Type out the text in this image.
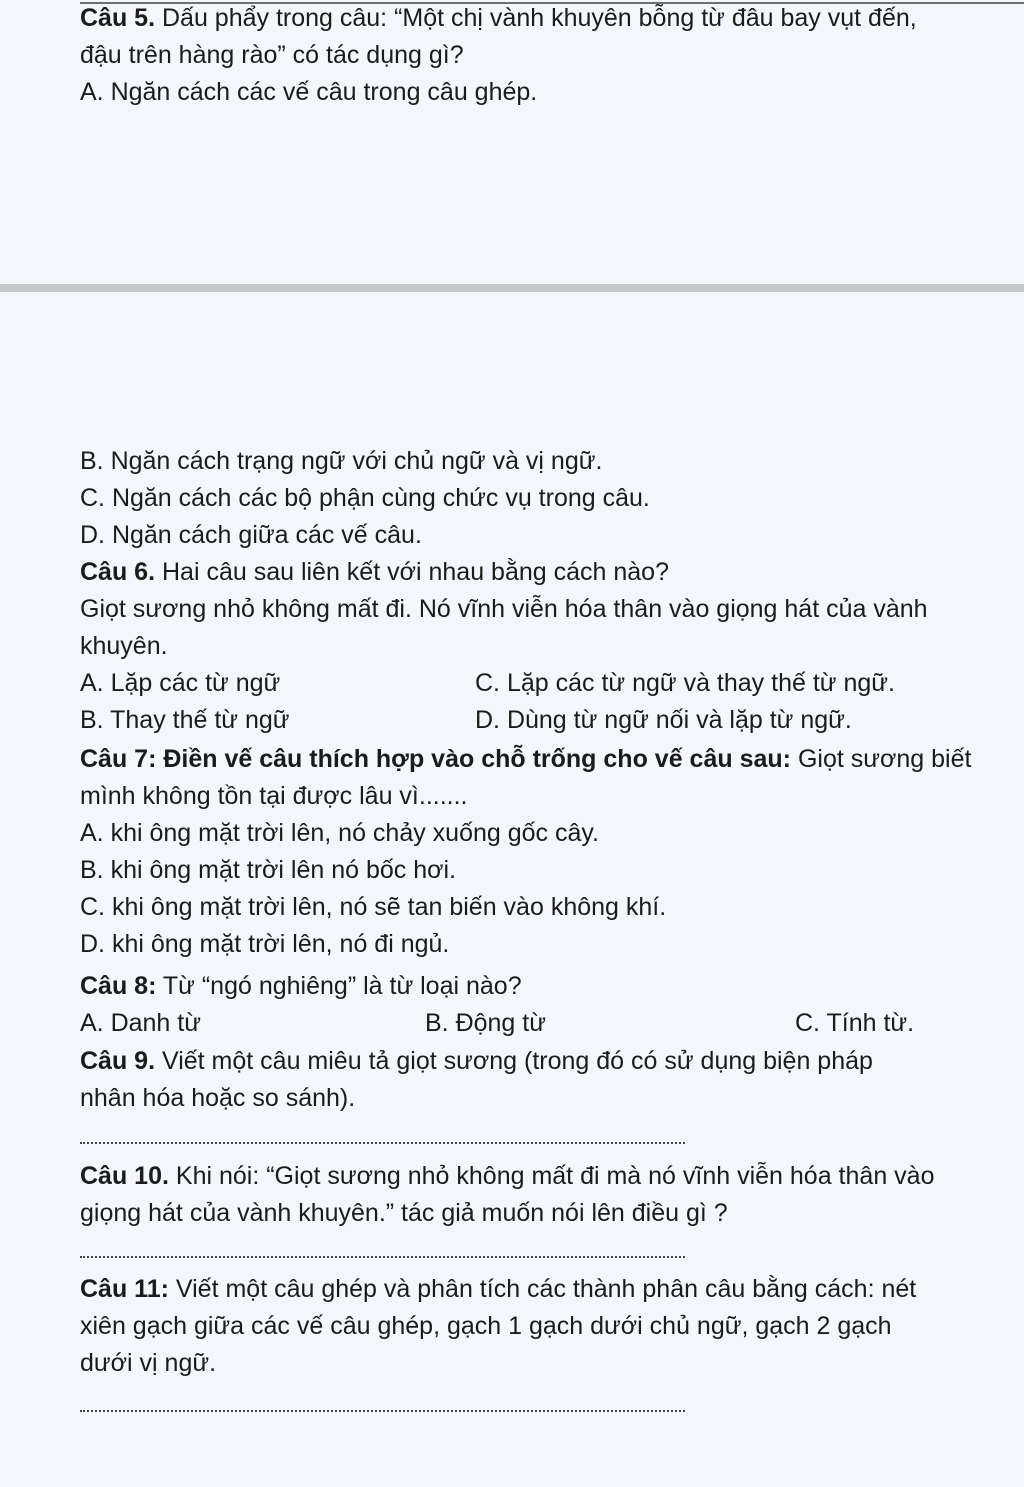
Câu 5. Dấu phẩy trong câu: “Một chị vành khuyên bỗng từ đâu bay vụt đến,
đậu trên hàng rào” có tác dụng gì?
A. Ngăn cách các vế câu trong câu ghép.
B. Ngăn cách trạng ngữ với chủ ngữ và vị ngữ.
C. Ngăn cách các bộ phận cùng chức vụ trong câu.
D. Ngăn cách giữa các vế câu.
Câu 6. Hai câu sau liên kết với nhau bằng cách nào?
Giọt sương nhỏ không mất đi. Nó vĩnh viễn hóa thân vào giọng hát của vành
khuyên.
A. Lặp các từ ngữ	C. Lặp các từ ngữ và thay thế từ ngữ.
B. Thay thế từ ngữ	D. Dùng từ ngữ nối và lặp từ ngữ.
Câu 7: Điền vế câu thích hợp vào chỗ trống cho vế câu sau: Giọt sương biết
mình không tồn tại được lâu vì.......
A. khi ông mặt trời lên, nó chảy xuống gốc cây.
B. khi ông mặt trời lên nó bốc hơi.
C. khi ông mặt trời lên, nó sẽ tan biến vào không khí.
D. khi ông mặt trời lên, nó đi ngủ.
Câu 8: Từ “ngó nghiêng” là từ loại nào?
A. Danh từ	B. Động từ	C. Tính từ.
Câu 9. Viết một câu miêu tả giọt sương (trong đó có sử dụng biện pháp
nhân hóa hoặc so sánh).
Câu 10. Khi nói: “Giọt sương nhỏ không mất đi mà nó vĩnh viễn hóa thân vào
giọng hát của vành khuyên.” tác giả muốn nói lên điều gì ?
Câu 11: Viết một câu ghép và phân tích các thành phân câu bằng cách: nét
xiên gạch giữa các vế câu ghép, gạch 1 gạch dưới chủ ngữ, gạch 2 gạch
dưới vị ngữ.
